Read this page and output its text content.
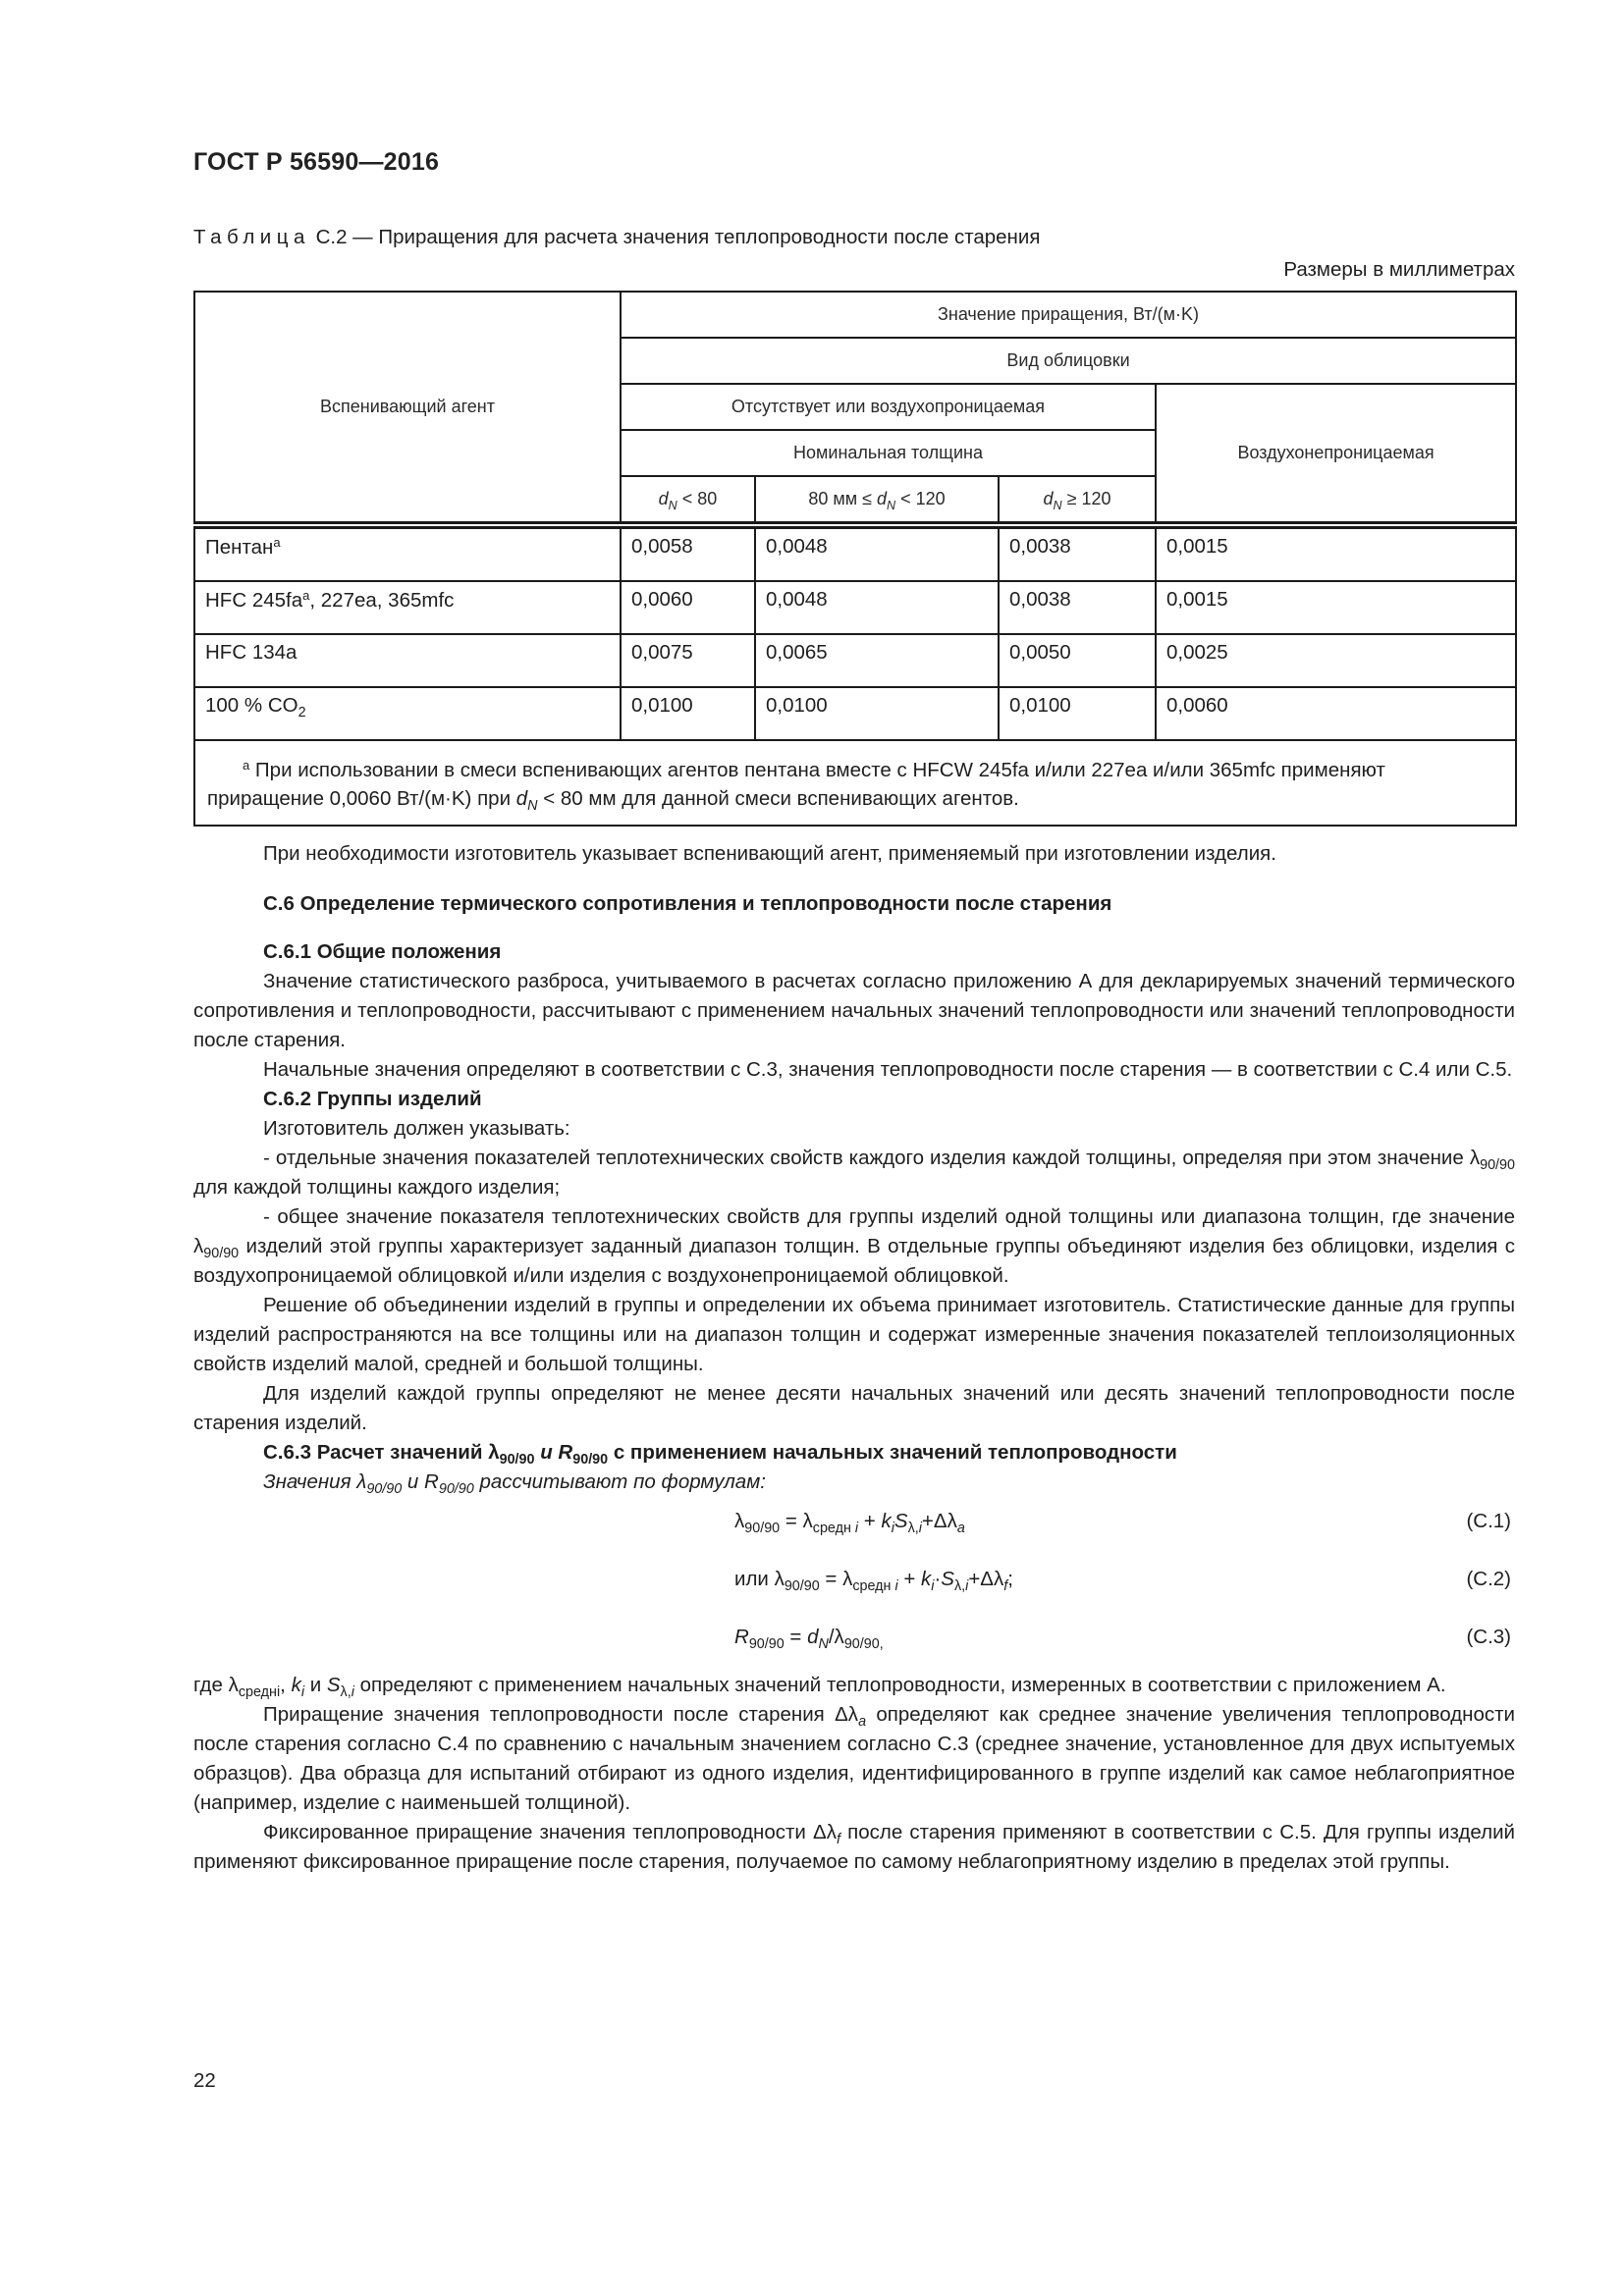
ГОСТ Р 56590—2016
Таблица С.2 — Приращения для расчета значения теплопроводности после старения
Размеры в миллиметрах
Вспенивающий агент	Значение приращения, Вт/(м·K)			
	Вид облицовки			
	Отсутствует или воздухопроницаемая			Воздухонепроницаемая
	Номинальная толщина			
	$d_N < 80$	80 мм ≤ $d_N < 120$	$d_N \ge 120$	
Пентан$^a$	0,0058	0,0048	0,0038	0,0015
HFC 245fa$^a$, 227ea, 365mfc	0,0060	0,0048	0,0038	0,0015
HFC 134a	0,0075	0,0065	0,0050	0,0025
100 % $CO_2$	0,0100	0,0100	0,0100	0,0060
$^a$ При использовании в смеси вспенивающих агентов пентана вместе с HFCW 245fa и/или 227ea и/или 365mfc применяют приращение 0,0060 Вт/(м·K) при $d_N < 80$ мм для данной смеси вспенивающих агентов.				

При необходимости изготовитель указывает вспенивающий агент, применяемый при изготовлении изделия.

С.6 Определение термического сопротивления и теплопроводности после старения
С.6.1 Общие положения

Значение статистического разброса, учитываемого в расчетах согласно приложению А для декларируемых значений термического сопротивления и теплопроводности, рассчитывают с применением начальных значений теплопроводности или значений теплопроводности после старения.

Начальные значения определяют в соответствии с С.3, значения теплопроводности после старения — в соответствии с С.4 или С.5.

С.6.2 Группы изделий

Изготовитель должен указывать:

- отдельные значения показателей теплотехнических свойств каждого изделия каждой толщины, определяя при этом значение $\lambda_{90/90}$ для каждой толщины каждого изделия;

- общее значение показателя теплотехнических свойств для группы изделий одной толщины или диапазона толщин, где значение $\lambda_{90/90}$ изделий этой группы характеризует заданный диапазон толщин. В отдельные группы объединяют изделия без облицовки, изделия с воздухопроницаемой облицовкой и/или изделия с воздухонепроницаемой облицовкой.

Решение об объединении изделий в группы и определении их объема принимает изготовитель. Статистические данные для группы изделий распространяются на все толщины или на диапазон толщин и содержат измеренные значения показателей теплоизоляционных свойств изделий малой, средней и большой толщины.

Для изделий каждой группы определяют не менее десяти начальных значений или десять значений теплопроводности после старения изделий.

С.6.3 Расчет значений $\lambda_{90/90}$ и $R_{90/90}$ с применением начальных значений теплопроводности

Значения $\lambda_{90/90}$ и $R_{90/90}$ рассчитывают по формулам:

$\lambda_{90/90} = \lambda_{средн i} + k_iS_{\lambda,i}+\Delta\lambda_a$	(С.1)
или $\lambda_{90/90} = \lambda_{средн i} + k_i\cdot S_{\lambda,i}+\Delta\lambda_f$;	(С.2)
$R_{90/90} = d_N/\lambda_{90/90,}$	(С.3)

где $\lambda_{средні}$, $k_i$ и $S_{\lambda,i}$ определяют с применением начальных значений теплопроводности, измеренных в соответствии с приложением А.

Приращение значения теплопроводности после старения $\Delta\lambda_a$ определяют как среднее значение увеличения теплопроводности после старения согласно С.4 по сравнению с начальным значением согласно С.3 (среднее значение, установленное для двух испытуемых образцов). Два образца для испытаний отбирают из одного изделия, идентифицированного в группе изделий как самое неблагоприятное (например, изделие с наименьшей толщиной).

Фиксированное приращение значения теплопроводности $\Delta\lambda_f$ после старения применяют в соответствии с С.5. Для группы изделий применяют фиксированное приращение после старения, получаемое по самому неблагоприятному изделию в пределах этой группы.

22
